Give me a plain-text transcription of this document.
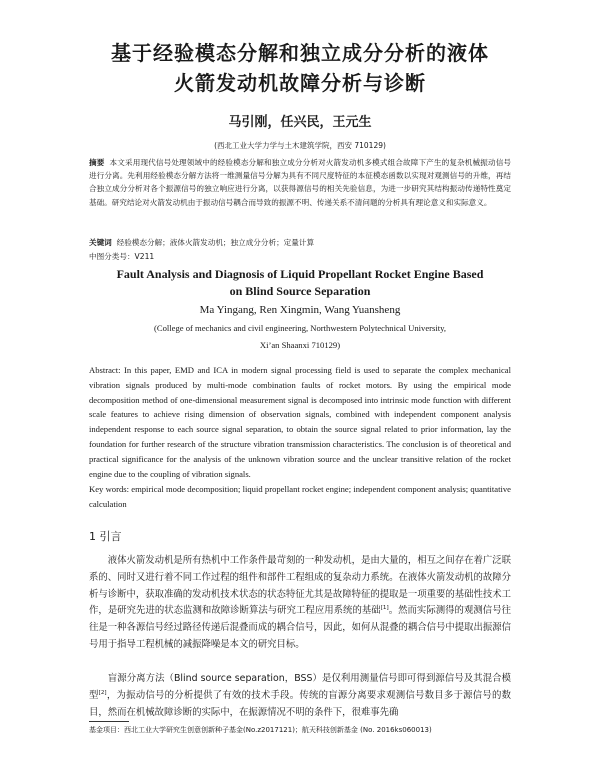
基于经验模态分解和独立成分分析的液体
火箭发动机故障分析与诊断
马引刚，任兴民，王元生
(西北工业大学力学与土木建筑学院，西安 710129)
摘要 本文采用现代信号处理领域中的经验模态分解和独立成分分析对火箭发动机多模式组合故障下产生的复杂机械振动信号进行分离。先利用经验模态分解方法将一维测量信号分解为具有不同尺度特征的本征模态函数以实现对观测信号的升维，再结合独立成分分析对各个振源信号的独立响应进行分离，以获得源信号的相关先验信息，为进一步研究其结构振动传递特性奠定基础。研究结论对火箭发动机由于振动信号耦合而导致的振源不明、传递关系不清问题的分析具有理论意义和实际意义。
关键词 经验模态分解；液体火箭发动机；独立成分分析；定量计算
中图分类号：V211
Fault Analysis and Diagnosis of Liquid Propellant Rocket Engine Based
on Blind Source Separation
Ma Yingang, Ren Xingmin, Wang Yuansheng
(College of mechanics and civil engineering, Northwestern Polytechnical University,
Xi’an Shaanxi 710129)
Abstract: In this paper, EMD and ICA in modern signal processing field is used to separate the complex mechanical vibration signals produced by multi-mode combination faults of rocket motors. By using the empirical mode decomposition method of one-dimensional measurement signal is decomposed into intrinsic mode function with different scale features to achieve rising dimension of observation signals, combined with independent component analysis independent response to each source signal separation, to obtain the source signal related to prior information, lay the foundation for further research of the structure vibration transmission characteristics. The conclusion is of theoretical and practical significance for the analysis of the unknown vibration source and the unclear transitive relation of the rocket engine due to the coupling of vibration signals.
Key words: empirical mode decomposition; liquid propellant rocket engine; independent component analysis; quantitative calculation
1 引言
液体火箭发动机是所有热机中工作条件最苛刻的一种发动机，是由大量的，相互之间存在着广泛联系的、同时又进行着不同工作过程的组件和部件工程组成的复杂动力系统。在液体火箭发动机的故障分析与诊断中，获取准确的发动机技术状态的状态特征尤其是故障特征的提取是一项重要的基础性技术工作，是研究先进的状态监测和故障诊断算法与研究工程应用系统的基础[1]。然而实际测得的观测信号往往是一种各源信号经过路径传递后混叠而成的耦合信号，因此，如何从混叠的耦合信号中提取出振源信号用于指导工程机械的减振降噪是本文的研究目标。
盲源分离方法（Blind source separation，BSS）是仅利用测量信号即可得到源信号及其混合模型[2]，为振动信号的分析提供了有效的技术手段。传统的盲源分离要求观测信号数目多于源信号的数目，然而在机械故障诊断的实际中，在振源情况不明的条件下，很难事先确
基金项目：西北工业大学研究生创意创新种子基金(No.z2017121)；航天科技创新基金 (No. 2016ks060013)
